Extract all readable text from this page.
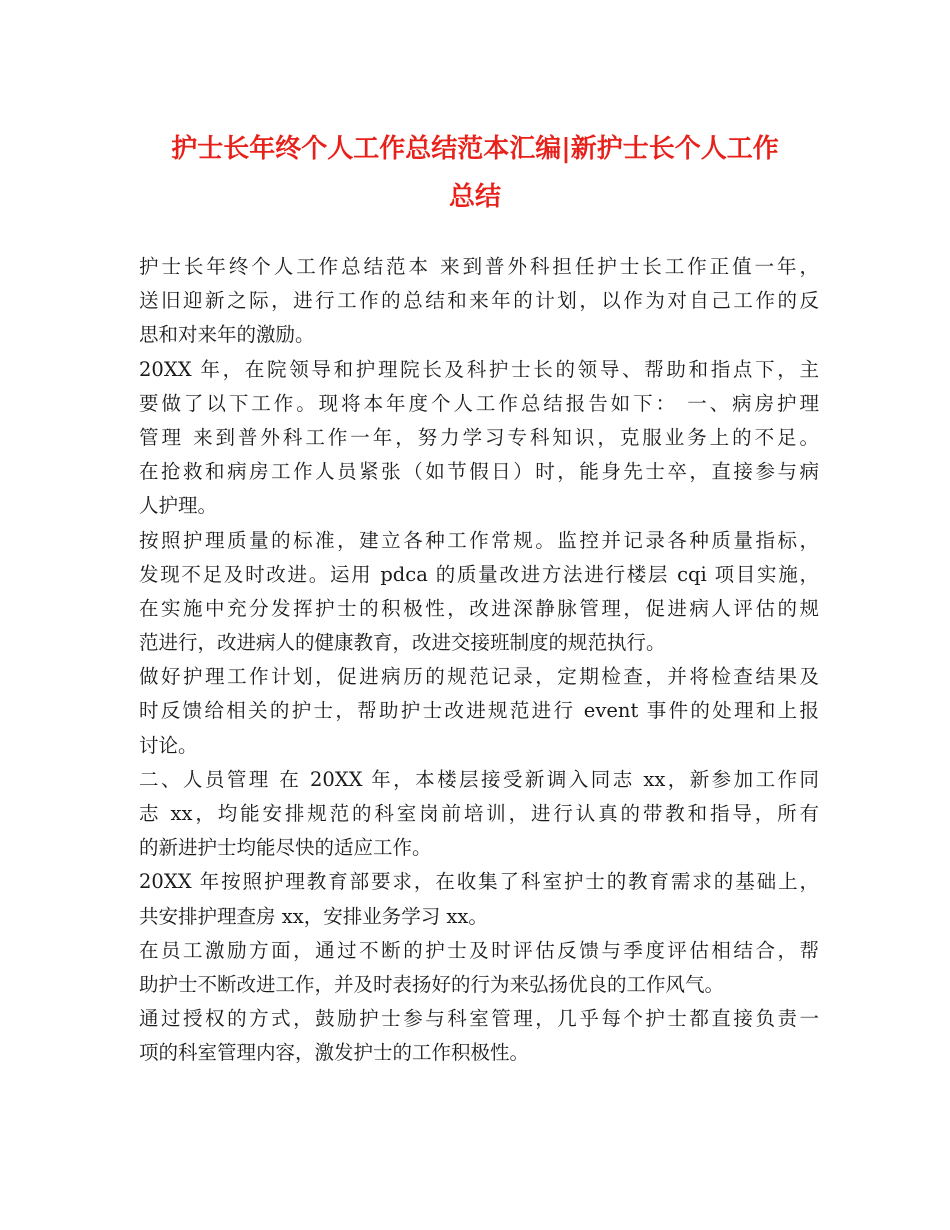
护士长年终个人工作总结范本汇编|新护士长个人工作
总结
护士长年终个人工作总结范本 来到普外科担任护士长工作正值一年，
送旧迎新之际，进行工作的总结和来年的计划，以作为对自己工作的反
思和对来年的激励。
20XX 年，在院领导和护理院长及科护士长的领导、帮助和指点下，主
要做了以下工作。现将本年度个人工作总结报告如下： 一、病房护理
管理 来到普外科工作一年，努力学习专科知识，克服业务上的不足。
在抢救和病房工作人员紧张（如节假日）时，能身先士卒，直接参与病
人护理。
按照护理质量的标准，建立各种工作常规。监控并记录各种质量指标，
发现不足及时改进。运用 pdca 的质量改进方法进行楼层 cqi 项目实施，
在实施中充分发挥护士的积极性，改进深静脉管理，促进病人评估的规
范进行，改进病人的健康教育，改进交接班制度的规范执行。
做好护理工作计划，促进病历的规范记录，定期检查，并将检查结果及
时反馈给相关的护士，帮助护士改进规范进行 event 事件的处理和上报
讨论。
二、人员管理 在 20XX 年，本楼层接受新调入同志 xx，新参加工作同
志 xx，均能安排规范的科室岗前培训，进行认真的带教和指导，所有
的新进护士均能尽快的适应工作。
20XX 年按照护理教育部要求，在收集了科室护士的教育需求的基础上，
共安排护理查房 xx，安排业务学习 xx。
在员工激励方面，通过不断的护士及时评估反馈与季度评估相结合，帮
助护士不断改进工作，并及时表扬好的行为来弘扬优良的工作风气。
通过授权的方式，鼓励护士参与科室管理，几乎每个护士都直接负责一
项的科室管理内容，激发护士的工作积极性。
